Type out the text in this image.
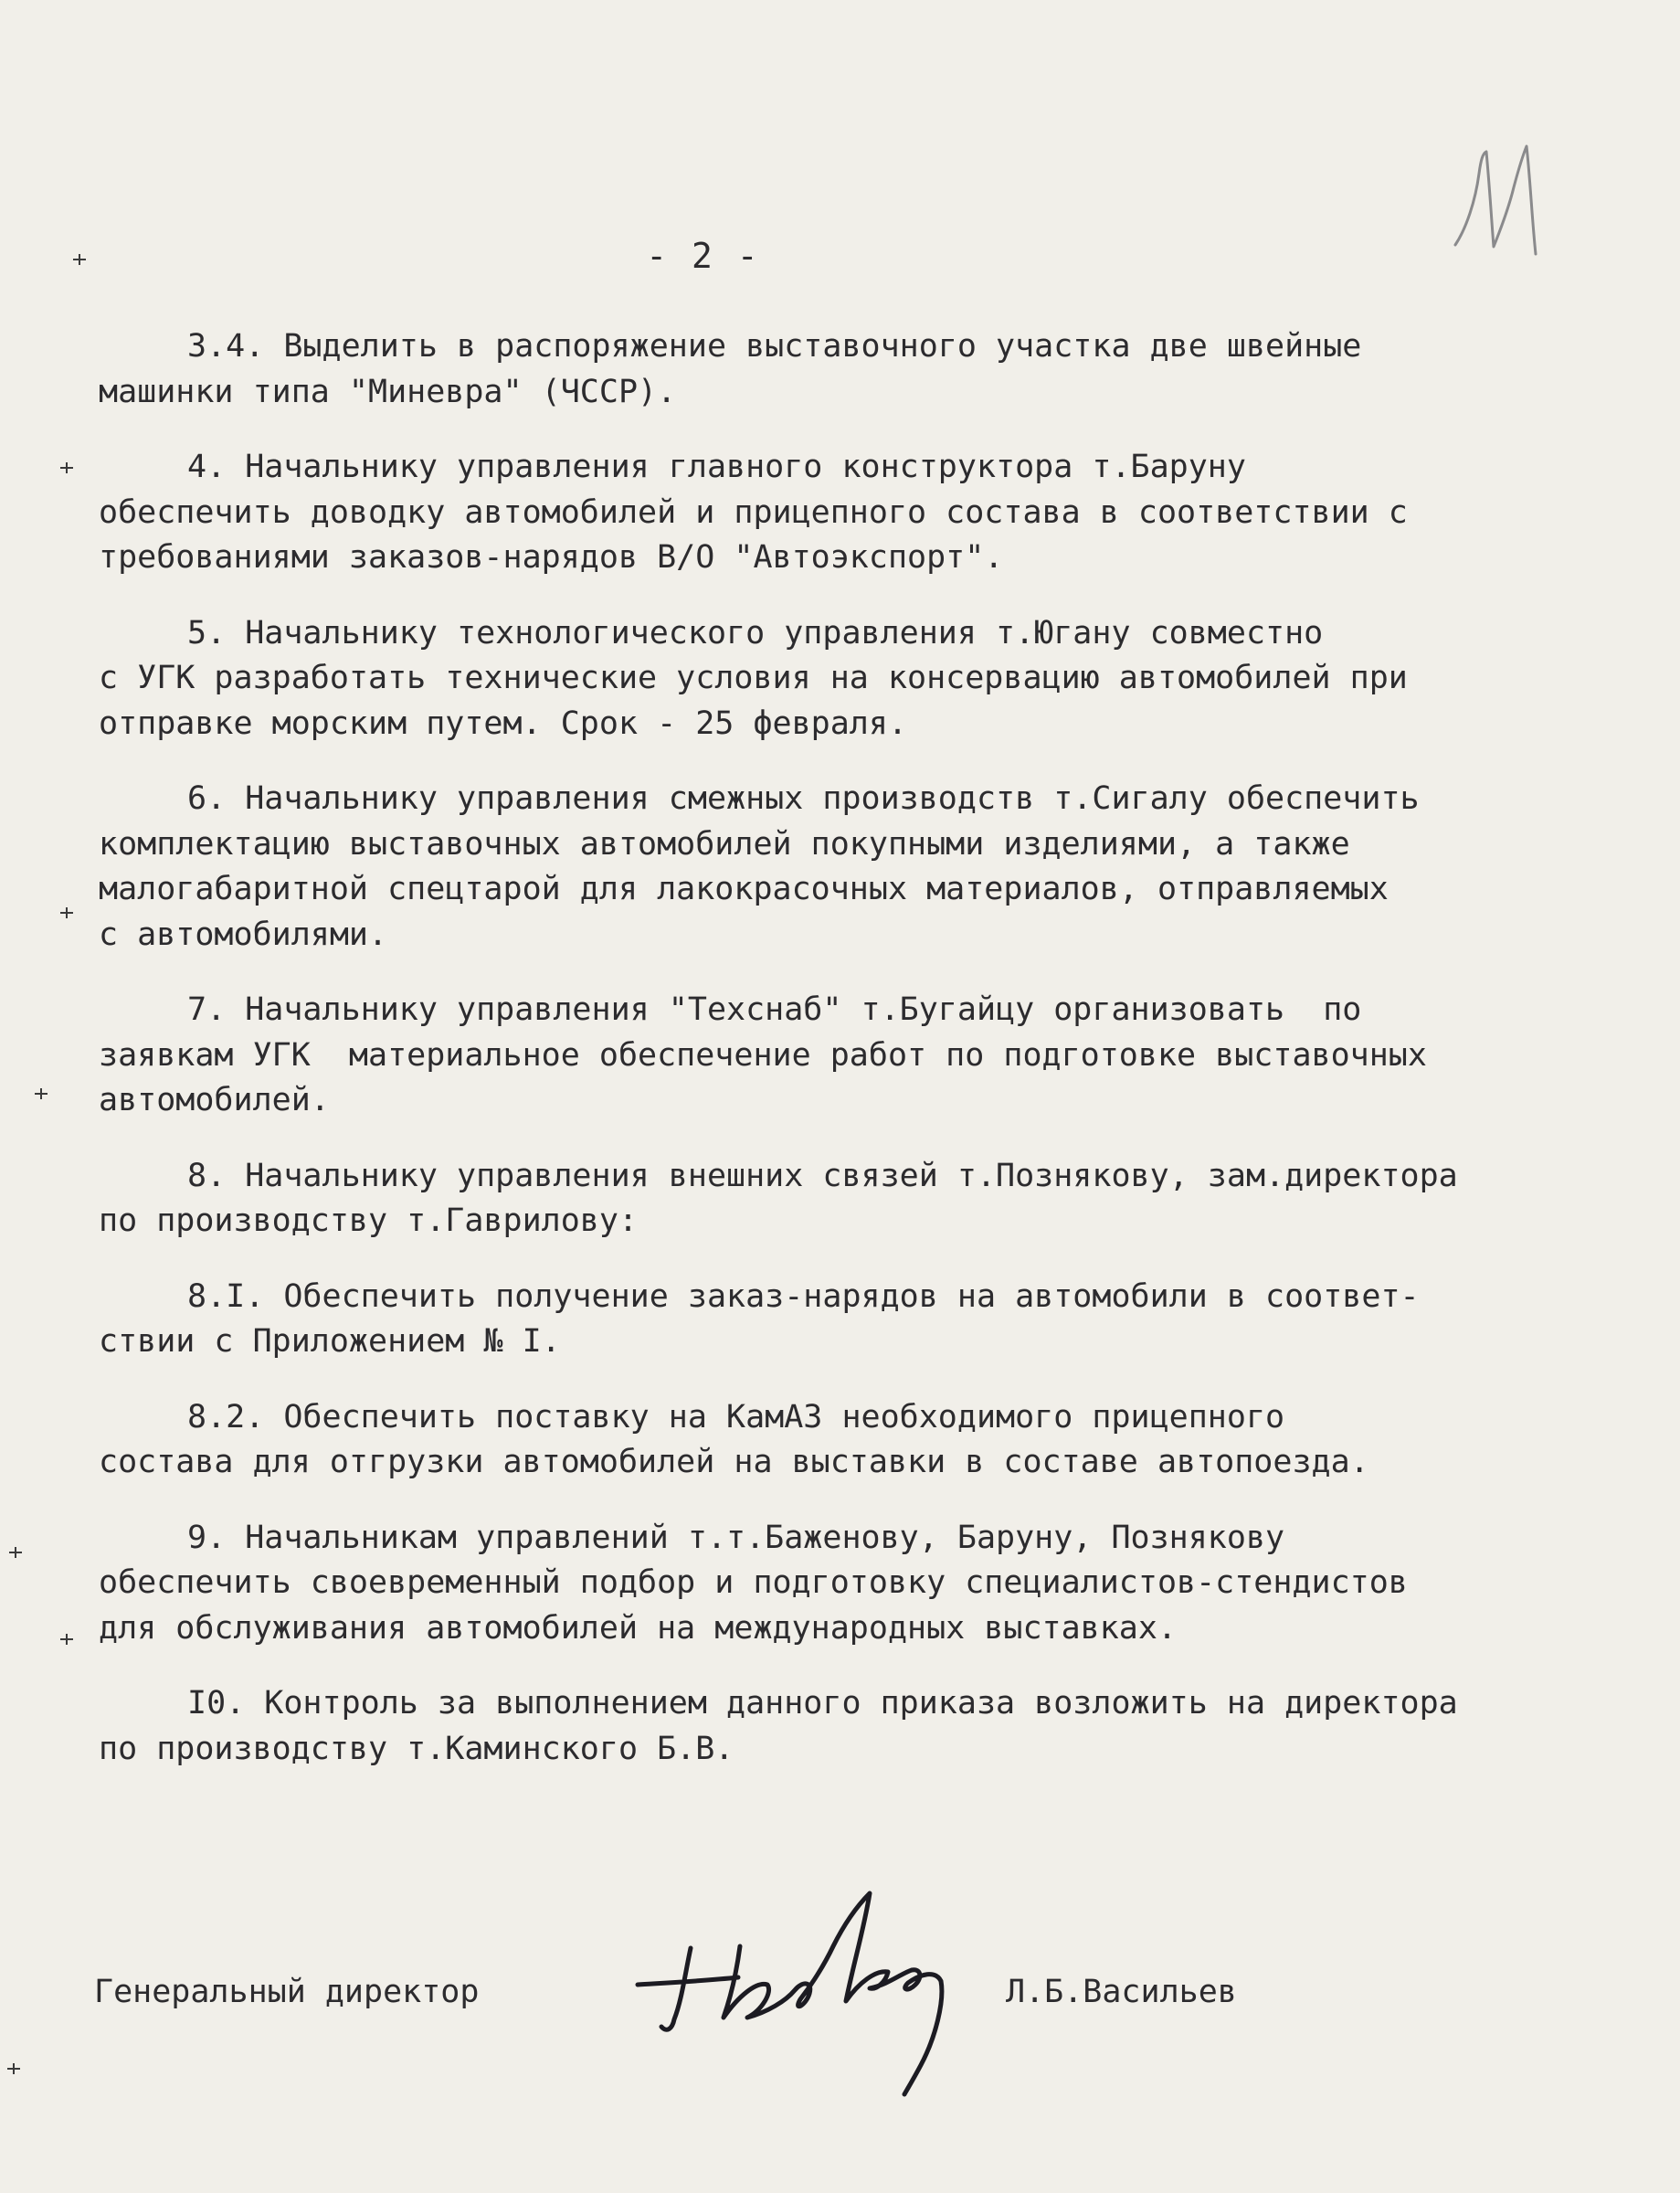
- 2 -
3.4. Выделить в распоряжение выставочного участка две швейные
машинки типа "Миневра" (ЧССР).
4. Начальнику управления главного конструктора т.Баруну
обеспечить доводку автомобилей и прицепного состава в соответствии с
требованиями заказов-нарядов В/О "Автоэкспорт".
5. Начальнику технологического управления т.Югану совместно
с УГК разработать технические условия на консервацию автомобилей при
отправке морским путем. Срок - 25 февраля.
6. Начальнику управления смежных производств т.Сигалу обеспечить
комплектацию выставочных автомобилей покупными изделиями, а также
малогабаритной спецтарой для лакокрасочных материалов, отправляемых
с автомобилями.
7. Начальнику управления "Техснаб" т.Бугайцу организовать  по
заявкам УГК  материальное обеспечение работ по подготовке выставочных
автомобилей.
8. Начальнику управления внешних связей т.Познякову, зам.директора
по производству т.Гаврилову:
8.I. Обеспечить получение заказ-нарядов на автомобили в соответ-
ствии с Приложением № I.
8.2. Обеспечить поставку на КамАЗ необходимого прицепного
состава для отгрузки автомобилей на выставки в составе автопоезда.
9. Начальникам управлений т.т.Баженову, Баруну, Познякову
обеспечить своевременный подбор и подготовку специалистов-стендистов
для обслуживания автомобилей на международных выставках.
I0. Контроль за выполнением данного приказа возложить на директора
по производству т.Каминского Б.В.
Генеральный директор	Л.Б.Васильев
